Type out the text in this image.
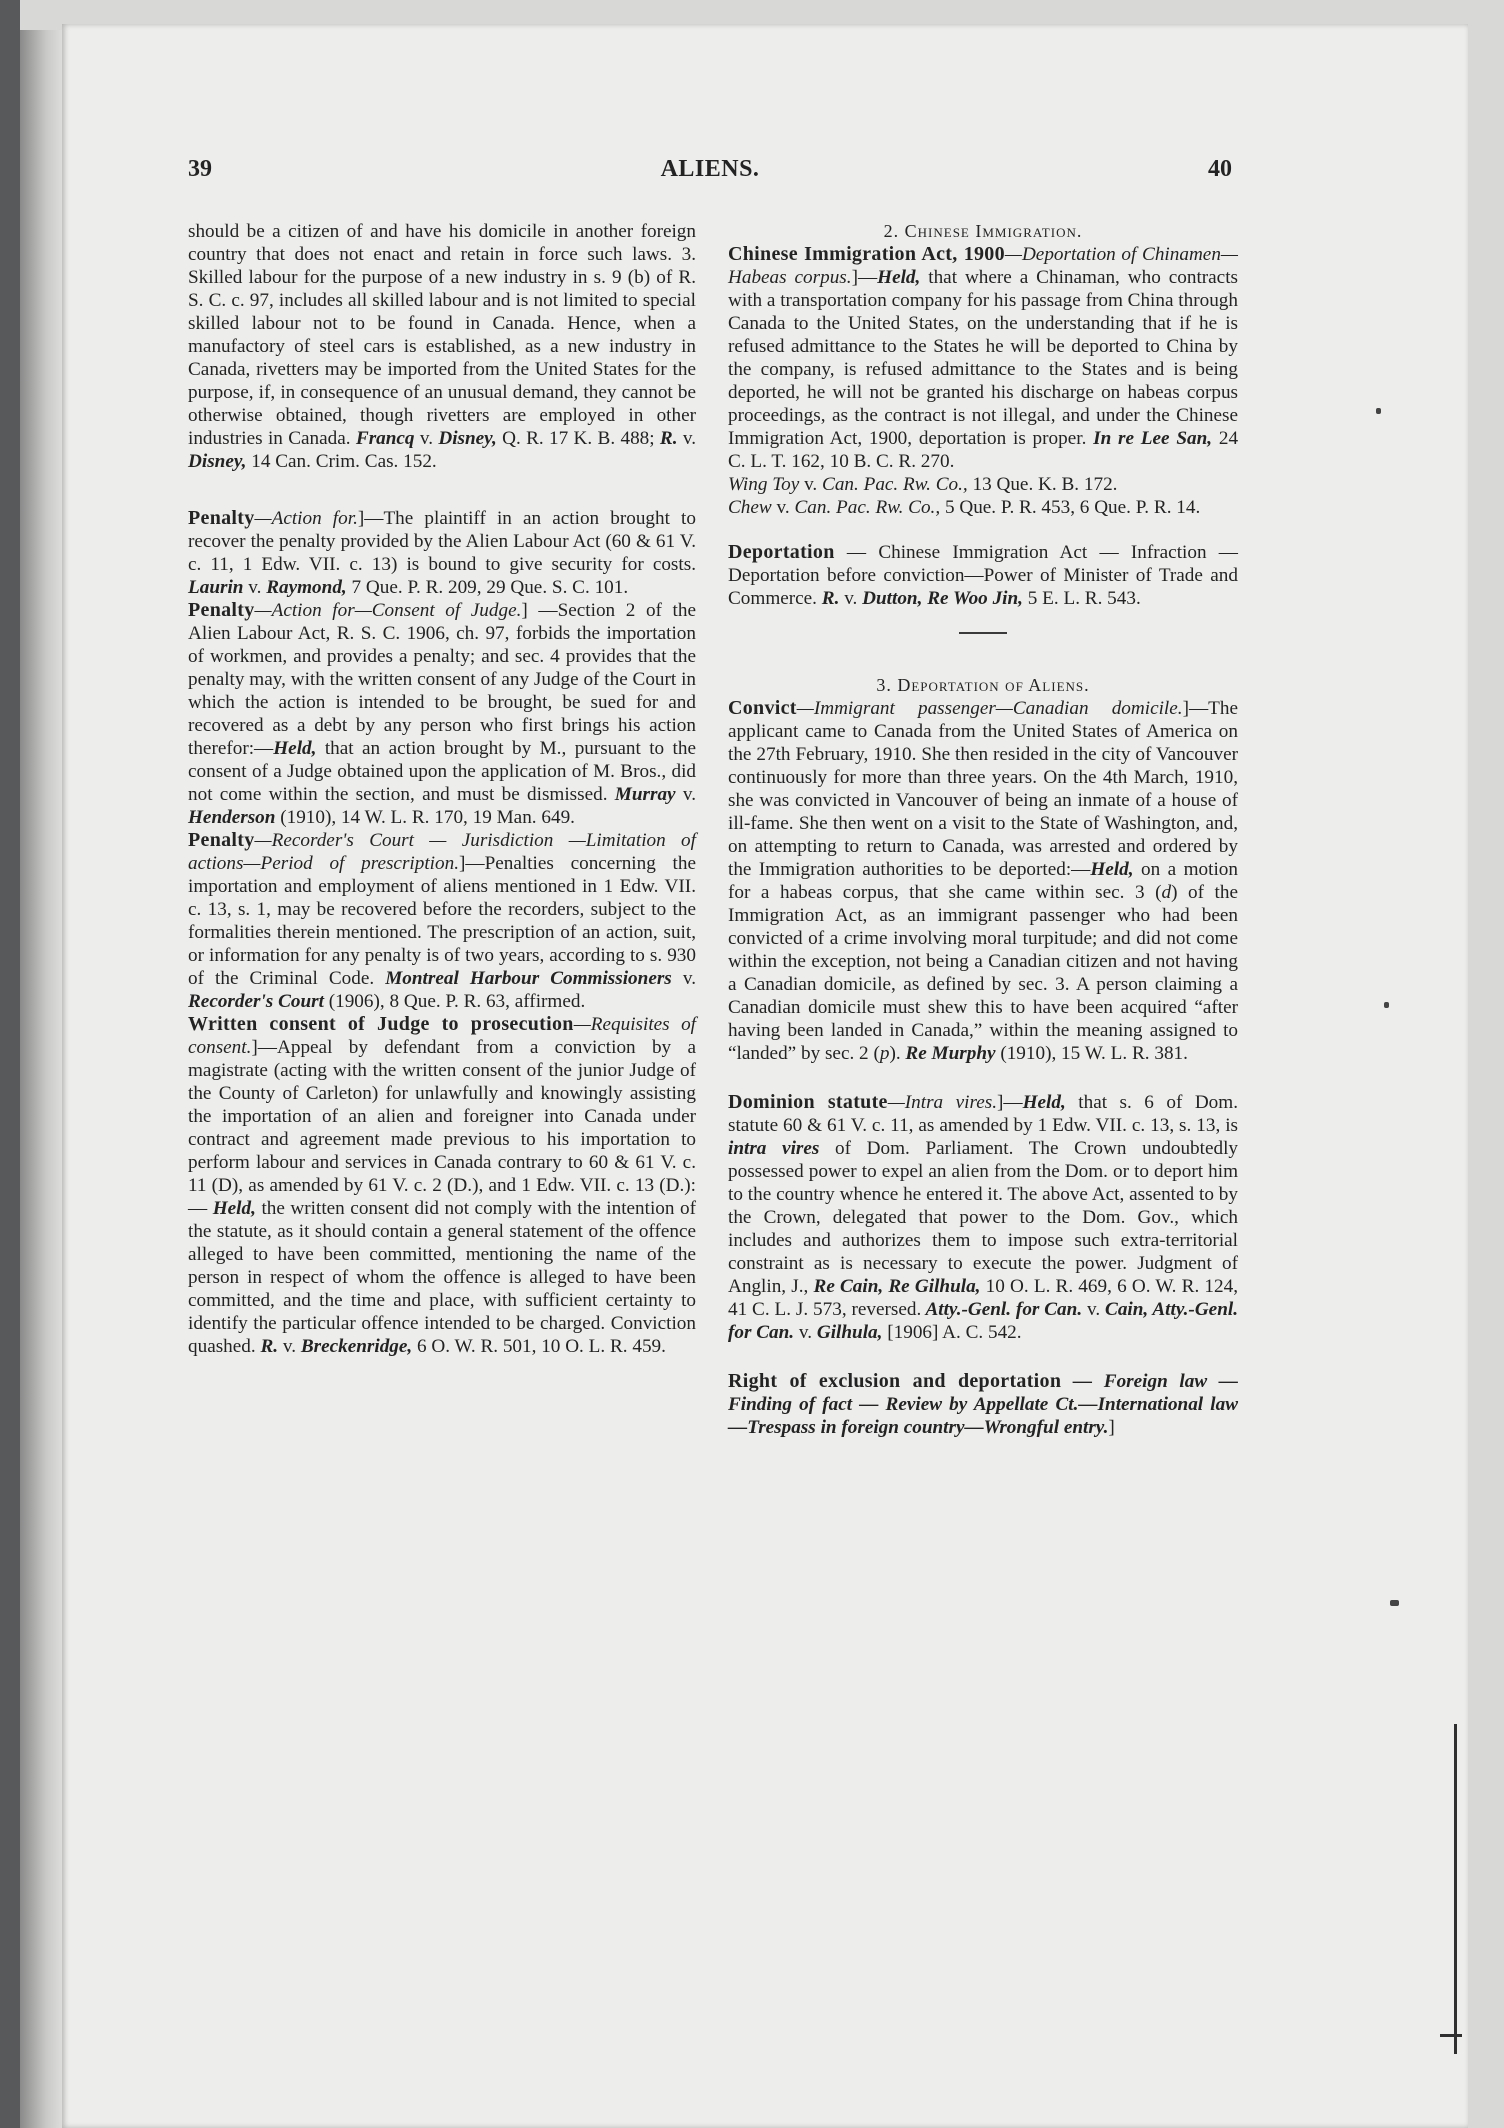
39	ALIENS.	40

should be a citizen of and have his domicile in another foreign country that does not enact and retain in force such laws. 3. Skilled labour for the purpose of a new industry in s. 9 (b) of R. S. C. c. 97, includes all skilled labour and is not limited to special skilled labour not to be found in Canada. Hence, when a manufactory of steel cars is established, as a new industry in Canada, rivetters may be imported from the United States for the purpose, if, in consequence of an unusual demand, they cannot be otherwise obtained, though rivetters are employed in other industries in Canada. Francq v. Disney, Q. R. 17 K. B. 488; R. v. Disney, 14 Can. Crim. Cas. 152.

Penalty—Action for.]—The plaintiff in an action brought to recover the penalty provided by the Alien Labour Act (60 & 61 V. c. 11, 1 Edw. VII. c. 13) is bound to give security for costs. Laurin v. Raymond, 7 Que. P. R. 209, 29 Que. S. C. 101.

Penalty—Action for—Consent of Judge.] —Section 2 of the Alien Labour Act, R. S. C. 1906, ch. 97, forbids the importation of workmen, and provides a penalty; and sec. 4 provides that the penalty may, with the written consent of any Judge of the Court in which the action is intended to be brought, be sued for and recovered as a debt by any person who first brings his action therefor:—Held, that an action brought by M., pursuant to the consent of a Judge obtained upon the application of M. Bros., did not come within the section, and must be dismissed. Murray v. Henderson (1910), 14 W. L. R. 170, 19 Man. 649.

Penalty—Recorder's Court — Jurisdiction —Limitation of actions—Period of prescription.]—Penalties concerning the importation and employment of aliens mentioned in 1 Edw. VII. c. 13, s. 1, may be recovered before the recorders, subject to the formalities therein mentioned. The prescription of an action, suit, or information for any penalty is of two years, according to s. 930 of the Criminal Code. Montreal Harbour Commissioners v. Recorder's Court (1906), 8 Que. P. R. 63, affirmed.

Written consent of Judge to prosecution—Requisites of consent.]—Appeal by defendant from a conviction by a magistrate (acting with the written consent of the junior Judge of the County of Carleton) for unlawfully and knowingly assisting the importation of an alien and foreigner into Canada under contract and agreement made previous to his importation to perform labour and services in Canada contrary to 60 & 61 V. c. 11 (D), as amended by 61 V. c. 2 (D.), and 1 Edw. VII. c. 13 (D.):— Held, the written consent did not comply with the intention of the statute, as it should contain a general statement of the offence alleged to have been committed, mentioning the name of the person in respect of whom the offence is alleged to have been committed, and the time and place, with sufficient certainty to identify the particular offence intended to be charged. Conviction quashed. R. v. Breckenridge, 6 O. W. R. 501, 10 O. L. R. 459.

2. Chinese Immigration.

Chinese Immigration Act, 1900—Deportation of Chinamen—Habeas corpus.]—Held, that where a Chinaman, who contracts with a transportation company for his passage from China through Canada to the United States, on the understanding that if he is refused admittance to the States he will be deported to China by the company, is refused admittance to the States and is being deported, he will not be granted his discharge on habeas corpus proceedings, as the contract is not illegal, and under the Chinese Immigration Act, 1900, deportation is proper. In re Lee San, 24 C. L. T. 162, 10 B. C. R. 270.

Wing Toy v. Can. Pac. Rw. Co., 13 Que. K. B. 172.

Chew v. Can. Pac. Rw. Co., 5 Que. P. R. 453, 6 Que. P. R. 14.

Deportation — Chinese Immigration Act — Infraction — Deportation before conviction—Power of Minister of Trade and Commerce. R. v. Dutton, Re Woo Jin, 5 E. L. R. 543.

3. Deportation of Aliens.

Convict—Immigrant passenger—Canadian domicile.]—The applicant came to Canada from the United States of America on the 27th February, 1910. She then resided in the city of Vancouver continuously for more than three years. On the 4th March, 1910, she was convicted in Vancouver of being an inmate of a house of ill-fame. She then went on a visit to the State of Washington, and, on attempting to return to Canada, was arrested and ordered by the Immigration authorities to be deported:—Held, on a motion for a habeas corpus, that she came within sec. 3 (d) of the Immigration Act, as an immigrant passenger who had been convicted of a crime involving moral turpitude; and did not come within the exception, not being a Canadian citizen and not having a Canadian domicile, as defined by sec. 3. A person claiming a Canadian domicile must shew this to have been acquired “after having been landed in Canada,” within the meaning assigned to “landed” by sec. 2 (p). Re Murphy (1910), 15 W. L. R. 381.

Dominion statute—Intra vires.]—Held, that s. 6 of Dom. statute 60 & 61 V. c. 11, as amended by 1 Edw. VII. c. 13, s. 13, is intra vires of Dom. Parliament. The Crown undoubtedly possessed power to expel an alien from the Dom. or to deport him to the country whence he entered it. The above Act, assented to by the Crown, delegated that power to the Dom. Gov., which includes and authorizes them to impose such extra-territorial constraint as is necessary to execute the power. Judgment of Anglin, J., Re Cain, Re Gilhula, 10 O. L. R. 469, 6 O. W. R. 124, 41 C. L. J. 573, reversed. Atty.-Genl. for Can. v. Cain, Atty.-Genl. for Can. v. Gilhula, [1906] A. C. 542.

Right of exclusion and deportation — Foreign law — Finding of fact — Review by Appellate Ct.—International law—Trespass in foreign country—Wrongful entry.]
